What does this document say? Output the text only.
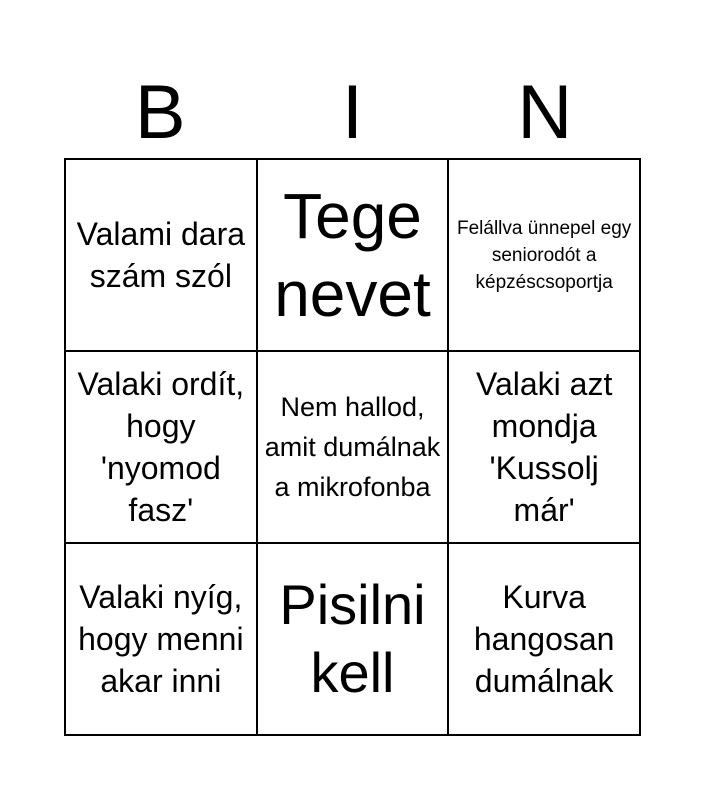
B	I	N
Valami dara szám szól
Tege nevet
Felállva ünnepel egy seniorodót a képzéscsoportja
Valaki ordít, hogy 'nyomod fasz'
Nem hallod, amit dumálnak a mikrofonba
Valaki azt mondja 'Kussolj már'
Valaki nyíg, hogy menni akar inni
Pisilni kell
Kurva hangosan dumálnak
